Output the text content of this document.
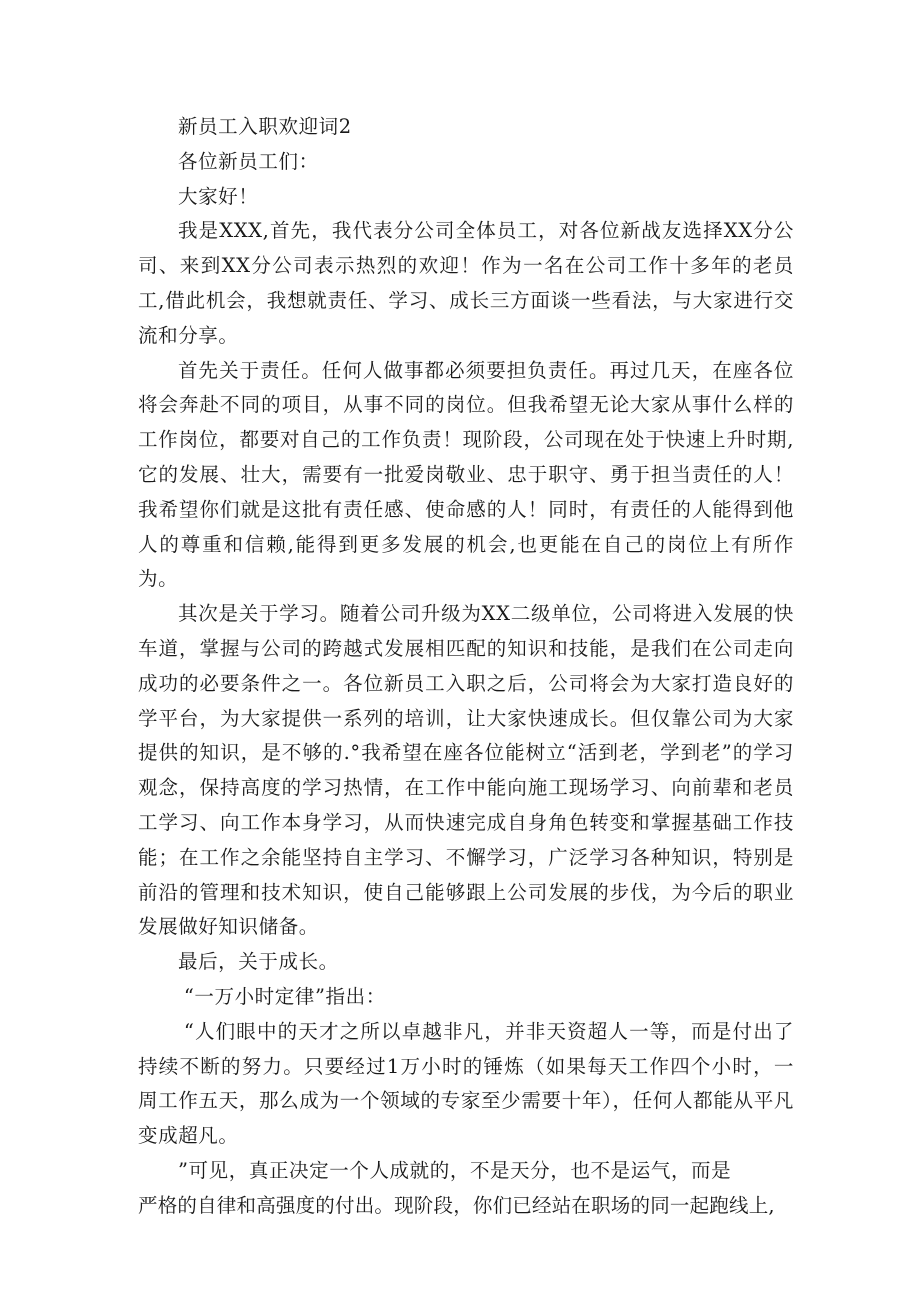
新员工入职欢迎词2

各位新员工们：

大家好！

我是XXX,首先，我代表分公司全体员工，对各位新战友选择XX分公司、来到XX分公司表示热烈的欢迎！作为一名在公司工作十多年的老员工,借此机会，我想就责任、学习、成长三方面谈一些看法，与大家进行交流和分享。

首先关于责任。任何人做事都必须要担负责任。再过几天，在座各位将会奔赴不同的项目，从事不同的岗位。但我希望无论大家从事什么样的工作岗位，都要对自己的工作负责！现阶段，公司现在处于快速上升时期,它的发展、壮大，需要有一批爱岗敬业、忠于职守、勇于担当责任的人！我希望你们就是这批有责任感、使命感的人！同时，有责任的人能得到他人的尊重和信赖,能得到更多发展的机会,也更能在自己的岗位上有所作为。

其次是关于学习。随着公司升级为XX二级单位，公司将进入发展的快车道，掌握与公司的跨越式发展相匹配的知识和技能，是我们在公司走向成功的必要条件之一。各位新员工入职之后，公司将会为大家打造良好的学平台，为大家提供一系列的培训，让大家快速成长。但仅靠公司为大家提供的知识，是不够的.°我希望在座各位能树立“活到老，学到老”的学习观念，保持高度的学习热情，在工作中能向施工现场学习、向前辈和老员工学习、向工作本身学习，从而快速完成自身角色转变和掌握基础工作技能；在工作之余能坚持自主学习、不懈学习，广泛学习各种知识，特别是前沿的管理和技术知识，使自己能够跟上公司发展的步伐，为今后的职业发展做好知识储备。

最后，关于成长。

“一万小时定律”指出：

“人们眼中的天才之所以卓越非凡，并非天资超人一等，而是付出了持续不断的努力。只要经过1万小时的锤炼（如果每天工作四个小时，一周工作五天，那么成为一个领域的专家至少需要十年），任何人都能从平凡变成超凡。

”可见，真正决定一个人成就的，不是天分，也不是运气，而是

严格的自律和高强度的付出。现阶段，你们已经站在职场的同一起跑线上,
